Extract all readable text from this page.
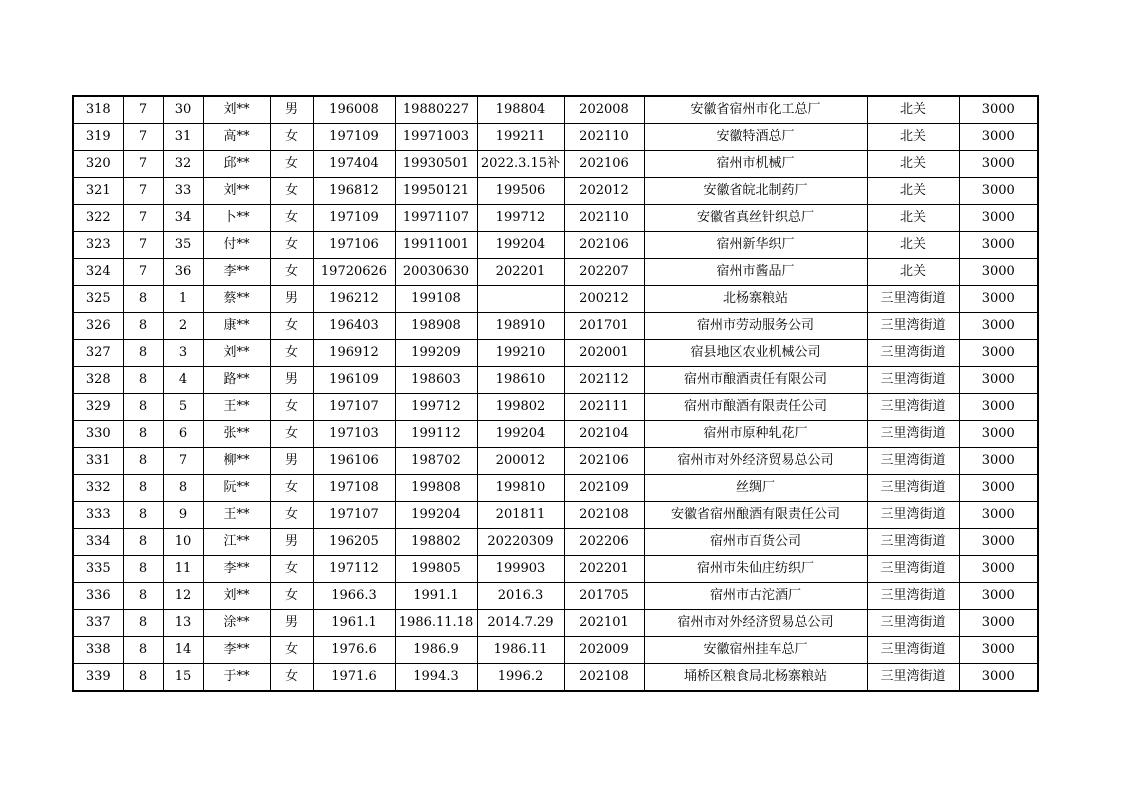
318	7	30	刘**	男	196008	19880227	198804	202008	安徽省宿州市化工总厂	北关	3000
319	7	31	高**	女	197109	19971003	199211	202110	安徽特酒总厂	北关	3000
320	7	32	邱**	女	197404	19930501	2022.3.15补	202106	宿州市机械厂	北关	3000
321	7	33	刘**	女	196812	19950121	199506	202012	安徽省皖北制药厂	北关	3000
322	7	34	卜**	女	197109	19971107	199712	202110	安徽省真丝针织总厂	北关	3000
323	7	35	付**	女	197106	19911001	199204	202106	宿州新华织厂	北关	3000
324	7	36	李**	女	19720626	20030630	202201	202207	宿州市酱品厂	北关	3000
325	8	1	蔡**	男	196212	199108		200212	北杨寨粮站	三里湾街道	3000
326	8	2	康**	女	196403	198908	198910	201701	宿州市劳动服务公司	三里湾街道	3000
327	8	3	刘**	女	196912	199209	199210	202001	宿县地区农业机械公司	三里湾街道	3000
328	8	4	路**	男	196109	198603	198610	202112	宿州市酿酒责任有限公司	三里湾街道	3000
329	8	5	王**	女	197107	199712	199802	202111	宿州市酿酒有限责任公司	三里湾街道	3000
330	8	6	张**	女	197103	199112	199204	202104	宿州市原种轧花厂	三里湾街道	3000
331	8	7	柳**	男	196106	198702	200012	202106	宿州市对外经济贸易总公司	三里湾街道	3000
332	8	8	阮**	女	197108	199808	199810	202109	丝绸厂	三里湾街道	3000
333	8	9	王**	女	197107	199204	201811	202108	安徽省宿州酿酒有限责任公司	三里湾街道	3000
334	8	10	江**	男	196205	198802	20220309	202206	宿州市百货公司	三里湾街道	3000
335	8	11	李**	女	197112	199805	199903	202201	宿州市朱仙庄纺织厂	三里湾街道	3000
336	8	12	刘**	女	1966.3	1991.1	2016.3	201705	宿州市古沱酒厂	三里湾街道	3000
337	8	13	涂**	男	1961.1	1986.11.18	2014.7.29	202101	宿州市对外经济贸易总公司	三里湾街道	3000
338	8	14	李**	女	1976.6	1986.9	1986.11	202009	安徽宿州挂车总厂	三里湾街道	3000
339	8	15	于**	女	1971.6	1994.3	1996.2	202108	埇桥区粮食局北杨寨粮站	三里湾街道	3000
